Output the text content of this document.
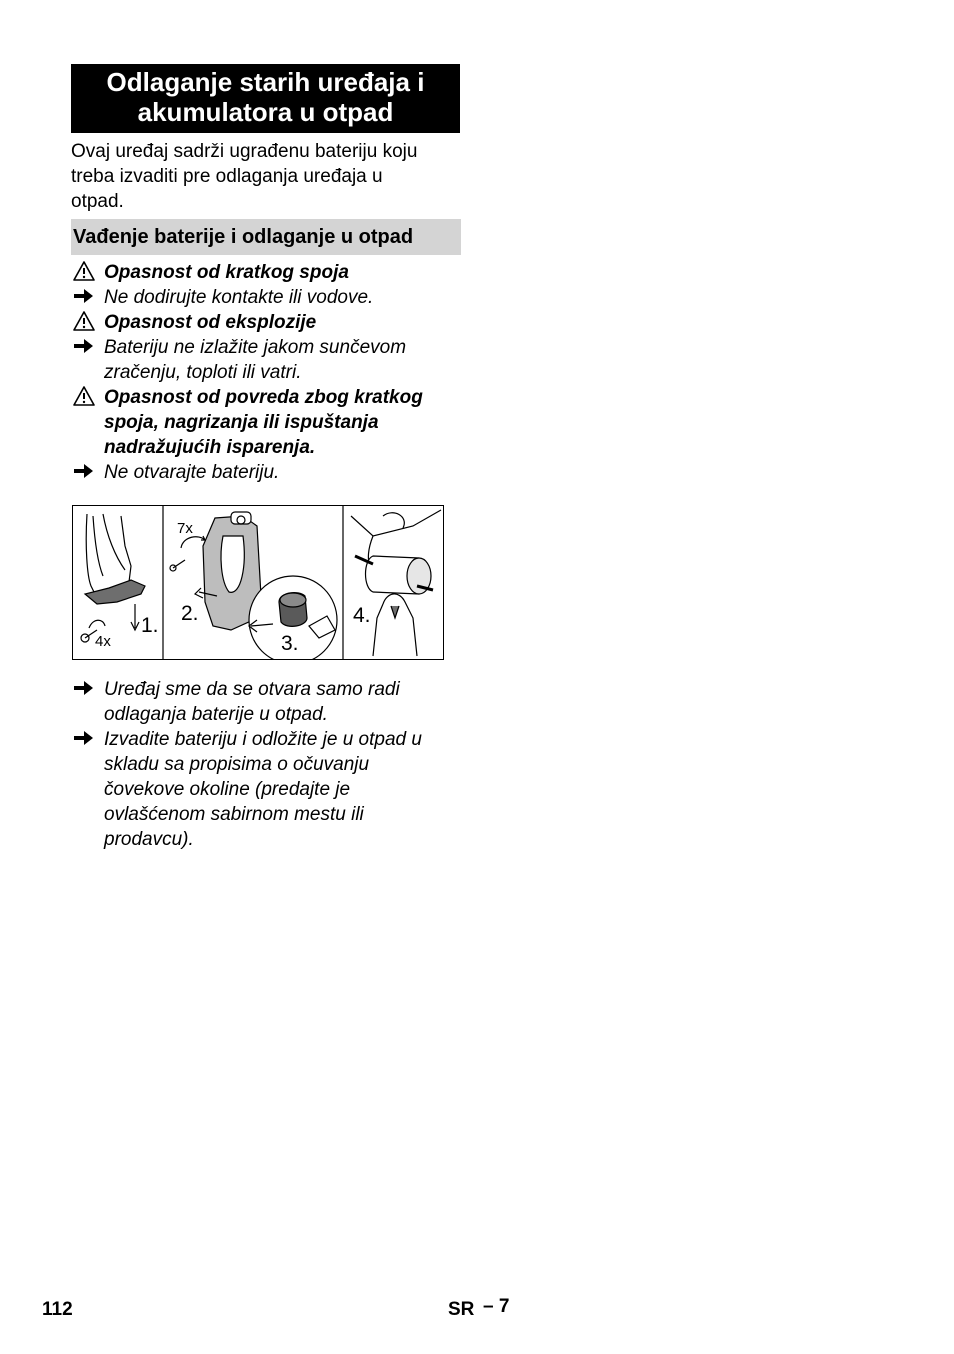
Odlaganje starih uređaja i
akumulatora u otpad
Ovaj uređaj sadrži ugrađenu bateriju koju
treba izvaditi pre odlaganja uređaja u
otpad.
Vađenje baterije i odlaganje u otpad
Opasnost od kratkog spoja
Ne dodirujte kontakte ili vodove.
Opasnost od eksplozije
Bateriju ne izlažite jakom sunčevom
zračenju, toploti ili vatri.
Opasnost od povreda zbog kratkog
spoja, nagrizanja ili ispuštanja
nadražujućih isparenja.
Ne otvarajte bateriju.
7x
4x
1.
2.
3.
4.
Uređaj sme da se otvara samo radi
odlaganja baterije u otpad.
Izvadite bateriju i odložite je u otpad u
skladu sa propisima o očuvanju
čovekove okoline (predajte je
ovlašćenom sabirnom mestu ili
prodavcu).
112	SR – 7
